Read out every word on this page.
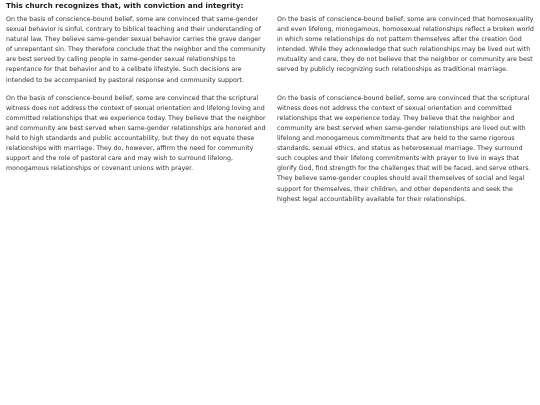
This church recognizes that, with conviction and integrity:

On the basis of conscience-bound belief, some are convinced that same-gender sexual behavior is sinful, contrary to biblical teaching and their understanding of natural law. They believe same-gender sexual behavior carries the grave danger of unrepentant sin. They therefore conclude that the neighbor and the community are best served by calling people in same-gender sexual relationships to repentance for that behavior and to a celibate lifestyle. Such decisions are intended to be accompanied by pastoral response and community support.

On the basis of conscience-bound belief, some are convinced that homosexuality and even lifelong, monogamous, homosexual relationships reflect a broken world in which some relationships do not pattern themselves after the creation God intended. While they acknowledge that such relationships may be lived out with mutuality and care, they do not believe that the neighbor or community are best served by publicly recognizing such relationships as traditional marriage.

On the basis of conscience-bound belief, some are convinced that the scriptural witness does not address the context of sexual orientation and lifelong loving and committed relationships that we experience today. They believe that the neighbor and community are best served when same-gender relationships are honored and held to high standards and public accountability, but they do not equate these relationships with marriage. They do, however, affirm the need for community support and the role of pastoral care and may wish to surround lifelong, monogamous relationships or covenant unions with prayer.

On the basis of conscience-bound belief, some are convinced that the scriptural witness does not address the context of sexual orientation and committed relationships that we experience today. They believe that the neighbor and community are best served when same-gender relationships are lived out with lifelong and monogamous commitments that are held to the same rigorous standards, sexual ethics, and status as heterosexual marriage. They surround such couples and their lifelong commitments with prayer to live in ways that glorify God, find strength for the challenges that will be faced, and serve others. They believe same-gender couples should avail themselves of social and legal support for themselves, their children, and other dependents and seek the highest legal accountability available for their relationships.
